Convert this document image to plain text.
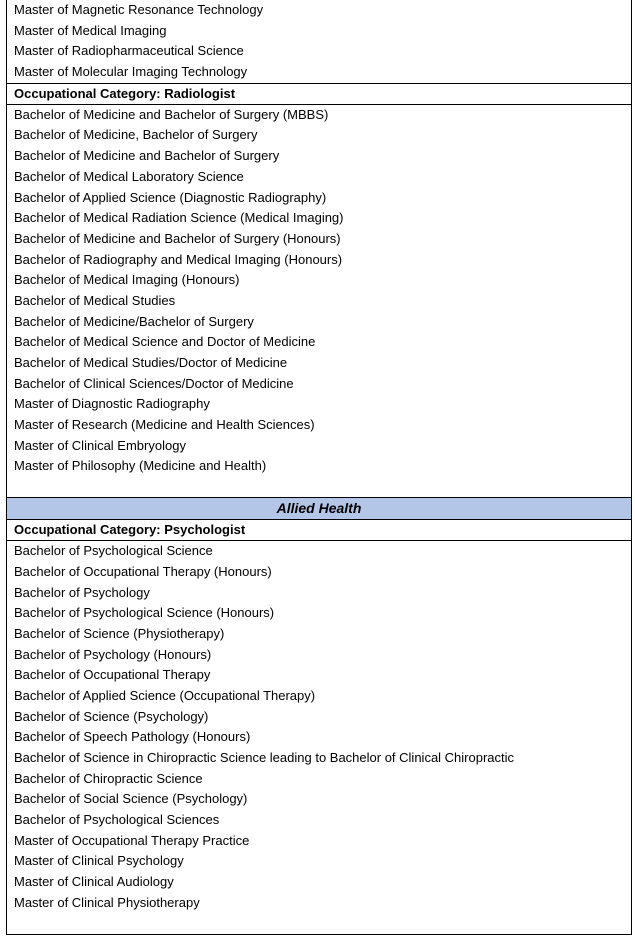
Master of Magnetic Resonance Technology
Master of Medical Imaging
Master of Radiopharmaceutical Science
Master of Molecular Imaging Technology
Occupational Category: Radiologist
Bachelor of Medicine and Bachelor of Surgery (MBBS)
Bachelor of Medicine, Bachelor of Surgery
Bachelor of Medicine and Bachelor of Surgery
Bachelor of Medical Laboratory Science
Bachelor of Applied Science (Diagnostic Radiography)
Bachelor of Medical Radiation Science (Medical Imaging)
Bachelor of Medicine and Bachelor of Surgery (Honours)
Bachelor of Radiography and Medical Imaging (Honours)
Bachelor of Medical Imaging (Honours)
Bachelor of Medical Studies
Bachelor of Medicine/Bachelor of Surgery
Bachelor of Medical Science and Doctor of Medicine
Bachelor of Medical Studies/Doctor of Medicine
Bachelor of Clinical Sciences/Doctor of Medicine
Master of Diagnostic Radiography
Master of Research (Medicine and Health Sciences)
Master of Clinical Embryology
Master of Philosophy (Medicine and Health)
Allied Health
Occupational Category: Psychologist
Bachelor of Psychological Science
Bachelor of Occupational Therapy (Honours)
Bachelor of Psychology
Bachelor of Psychological Science (Honours)
Bachelor of Science (Physiotherapy)
Bachelor of Psychology (Honours)
Bachelor of Occupational Therapy
Bachelor of Applied Science (Occupational Therapy)
Bachelor of Science (Psychology)
Bachelor of Speech Pathology (Honours)
Bachelor of Science in Chiropractic Science leading to Bachelor of Clinical Chiropractic
Bachelor of Chiropractic Science
Bachelor of Social Science (Psychology)
Bachelor of Psychological Sciences
Master of Occupational Therapy Practice
Master of Clinical Psychology
Master of Clinical Audiology
Master of Clinical Physiotherapy
